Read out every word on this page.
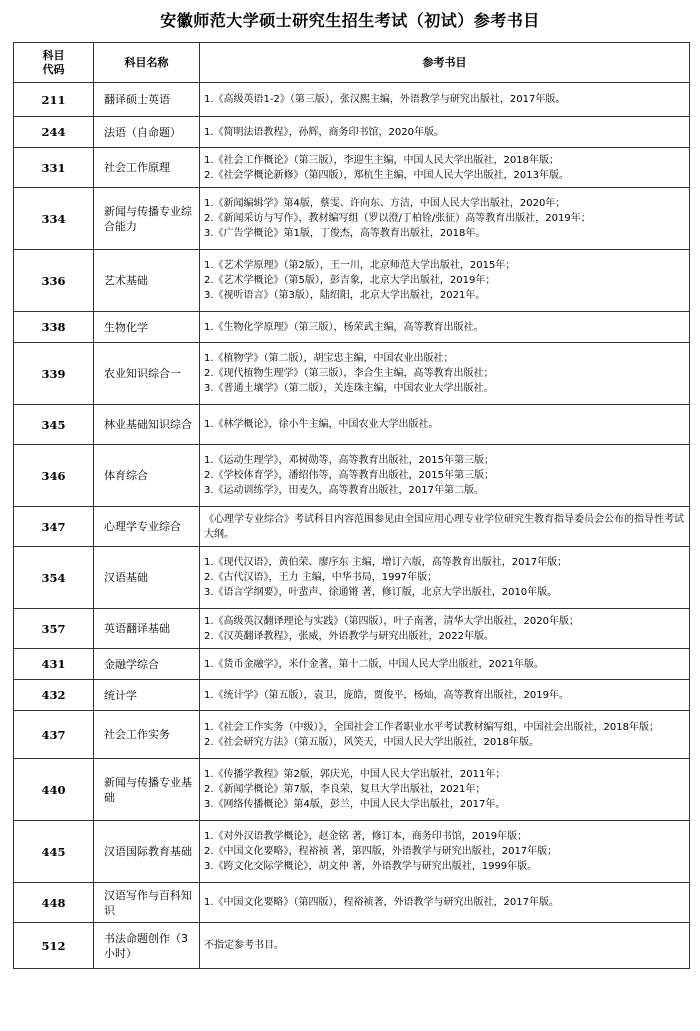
安徽师范大学硕士研究生招生考试（初试）参考书目
科目
代码	科目名称	参考书目
211	翻译硕士英语	1.《高级英语1-2》（第三版），张汉熙主编，外语教学与研究出版社，2017年版。

244	法语（自命题）	1.《简明法语教程》，孙辉，商务印书馆，2020年版。

331	社会工作原理	1.《社会工作概论》（第三版），李迎生主编，中国人民大学出版社，2018年版；
2.《社会学概论新修》（第四版），郑杭生主编，中国人民大学出版社，2013年版。

334	新闻与传播专业综合能力	1.《新闻编辑学》第4版，蔡雯、许向东、方洁，中国人民大学出版社，2020年；
2.《新闻采访与写作》，教材编写组（罗以澄/丁柏铨/张征）高等教育出版社，2019年；
3.《广告学概论》第1版，丁俊杰，高等教育出版社，2018年。

336	艺术基础	1.《艺术学原理》（第2版），王一川，北京师范大学出版社，2015年；
2.《艺术学概论》（第5版），彭吉象，北京大学出版社，2019年；
3.《视听语言》（第3版），陆绍阳，北京大学出版社，2021年。

338	生物化学	1.《生物化学原理》（第三版），杨荣武主编，高等教育出版社。

339	农业知识综合一	1.《植物学》（第二版），胡宝忠主编，中国农业出版社；
2.《现代植物生理学》（第三版），李合生主编，高等教育出版社；
3.《普通土壤学》（第二版），关连珠主编，中国农业大学出版社。

345	林业基础知识综合	1.《林学概论》，徐小牛主编，中国农业大学出版社。

346	体育综合	1.《运动生理学》，邓树勋等，高等教育出版社，2015年第三版；
2.《学校体育学》，潘绍伟等，高等教育出版社，2015年第三版；
3.《运动训练学》，田麦久，高等教育出版社，2017年第二版。

347	心理学专业综合	《心理学专业综合》考试科目内容范围参见由全国应用心理专业学位研究生教育指导委员会公布的指导性考试大纲。

354	汉语基础	1.《现代汉语》，黄伯荣、廖序东 主编，增订六版，高等教育出版社，2017年版；
2.《古代汉语》，王力 主编，中华书局，1997年版；
3.《语言学纲要》，叶蜚声、徐通锵 著，修订版，北京大学出版社，2010年版。

357	英语翻译基础	1.《高级英汉翻译理论与实践》（第四版），叶子南著，清华大学出版社，2020年版；
2.《汉英翻译教程》，张威，外语教学与研究出版社，2022年版。

431	金融学综合	1.《货币金融学》，米什金著，第十二版，中国人民大学出版社，2021年版。

432	统计学	1.《统计学》（第五版），袁卫，庞皓，贾俊平，杨灿，高等教育出版社，2019年。

437	社会工作实务	1.《社会工作实务（中级）》，全国社会工作者职业水平考试教材编写组，中国社会出版社，2018年版；
2.《社会研究方法》（第五版），风笑天，中国人民大学出版社，2018年版。

440	新闻与传播专业基础	1.《传播学教程》第2版，郭庆光，中国人民大学出版社，2011年；
2.《新闻学概论》第7版，李良荣，复旦大学出版社，2021年；
3.《网络传播概论》第4版，彭兰，中国人民大学出版社，2017年。

445	汉语国际教育基础	1.《对外汉语教学概论》，赵金铭 著，修订本，商务印书馆，2019年版；
2.《中国文化要略》，程裕祯 著，第四版，外语教学与研究出版社，2017年版；
3.《跨文化交际学概论》，胡文仲 著，外语教学与研究出版社，1999年版。

448	汉语写作与百科知识	1.《中国文化要略》（第四版），程裕祯著，外语教学与研究出版社，2017年版。

512	书法命题创作（3小时）	不指定参考书目。
